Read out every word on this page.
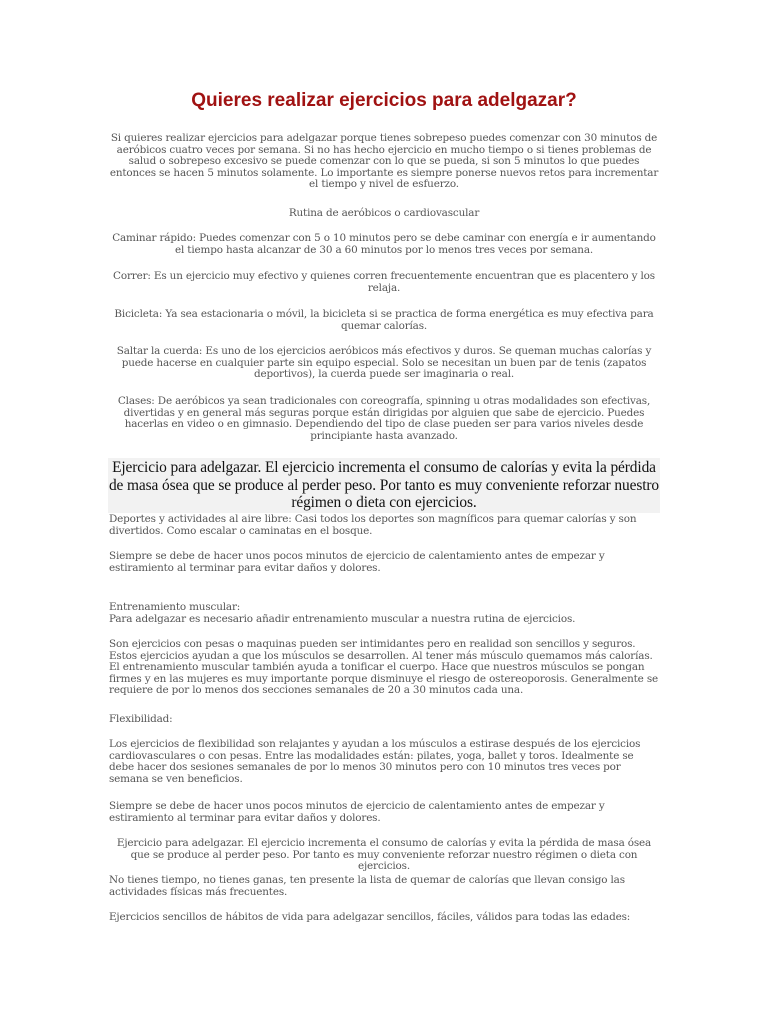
Quieres realizar ejercicios para adelgazar?

Si quieres realizar ejercicios para adelgazar porque tienes sobrepeso puedes comenzar con 30 minutos de aeróbicos cuatro veces por semana. Si no has hecho ejercicio en mucho tiempo o si tienes problemas de salud o sobrepeso excesivo se puede comenzar con lo que se pueda, si son 5 minutos lo que puedes entonces se hacen 5 minutos solamente. Lo importante es siempre ponerse nuevos retos para incrementar el tiempo y nivel de esfuerzo.

Rutina de aeróbicos o cardiovascular

Caminar rápido: Puedes comenzar con 5 o 10 minutos pero se debe caminar con energía e ir aumentando el tiempo hasta alcanzar de 30 a 60 minutos por lo menos tres veces por semana.

Correr: Es un ejercicio muy efectivo y quienes corren frecuentemente encuentran que es placentero y los relaja.

Bicicleta: Ya sea estacionaria o móvil, la bicicleta si se practica de forma energética es muy efectiva para quemar calorías.

Saltar la cuerda: Es uno de los ejercicios aeróbicos más efectivos y duros. Se queman muchas calorías y puede hacerse en cualquier parte sin equipo especial. Solo se necesitan un buen par de tenis (zapatos deportivos), la cuerda puede ser imaginaria o real.

Clases: De aeróbicos ya sean tradicionales con coreografía, spinning u otras modalidades son efectivas, divertidas y en general más seguras porque están dirigidas por alguien que sabe de ejercicio. Puedes hacerlas en video o en gimnasio. Dependiendo del tipo de clase pueden ser para varios niveles desde principiante hasta avanzado.

Ejercicio para adelgazar. El ejercicio incrementa el consumo de calorías y evita la pérdida de masa ósea que se produce al perder peso. Por tanto es muy conveniente reforzar nuestro régimen o dieta con ejercicios.

Deportes y actividades al aire libre: Casi todos los deportes son magníficos para quemar calorías y son divertidos. Como escalar o caminatas en el bosque.

Siempre se debe de hacer unos pocos minutos de ejercicio de calentamiento antes de empezar y estiramiento al terminar para evitar daños y dolores.

Entrenamiento muscular:

Para adelgazar es necesario añadir entrenamiento muscular a nuestra rutina de ejercicios.

Son ejercicios con pesas o maquinas pueden ser intimidantes pero en realidad son sencillos y seguros. Estos ejercicios ayudan a que los músculos se desarrollen. Al tener más músculo quemamos más calorías. El entrenamiento muscular también ayuda a tonificar el cuerpo. Hace que nuestros músculos se pongan firmes y en las mujeres es muy importante porque disminuye el riesgo de ostereoporosis. Generalmente se requiere de por lo menos dos secciones semanales de 20 a 30 minutos cada una.

Flexibilidad:

Los ejercicios de flexibilidad son relajantes y ayudan a los músculos a estirase después de los ejercicios cardiovasculares o con pesas. Entre las modalidades están: pilates, yoga, ballet y toros. Idealmente se debe hacer dos sesiones semanales de por lo menos 30 minutos pero con 10 minutos tres veces por semana se ven beneficios.

Siempre se debe de hacer unos pocos minutos de ejercicio de calentamiento antes de empezar y estiramiento al terminar para evitar daños y dolores.

Ejercicio para adelgazar. El ejercicio incrementa el consumo de calorías y evita la pérdida de masa ósea que se produce al perder peso. Por tanto es muy conveniente reforzar nuestro régimen o dieta con ejercicios.

No tienes tiempo, no tienes ganas, ten presente la lista de quemar de calorías que llevan consigo las actividades físicas más frecuentes.

Ejercicios sencillos de hábitos de vida para adelgazar sencillos, fáciles, válidos para todas las edades:
